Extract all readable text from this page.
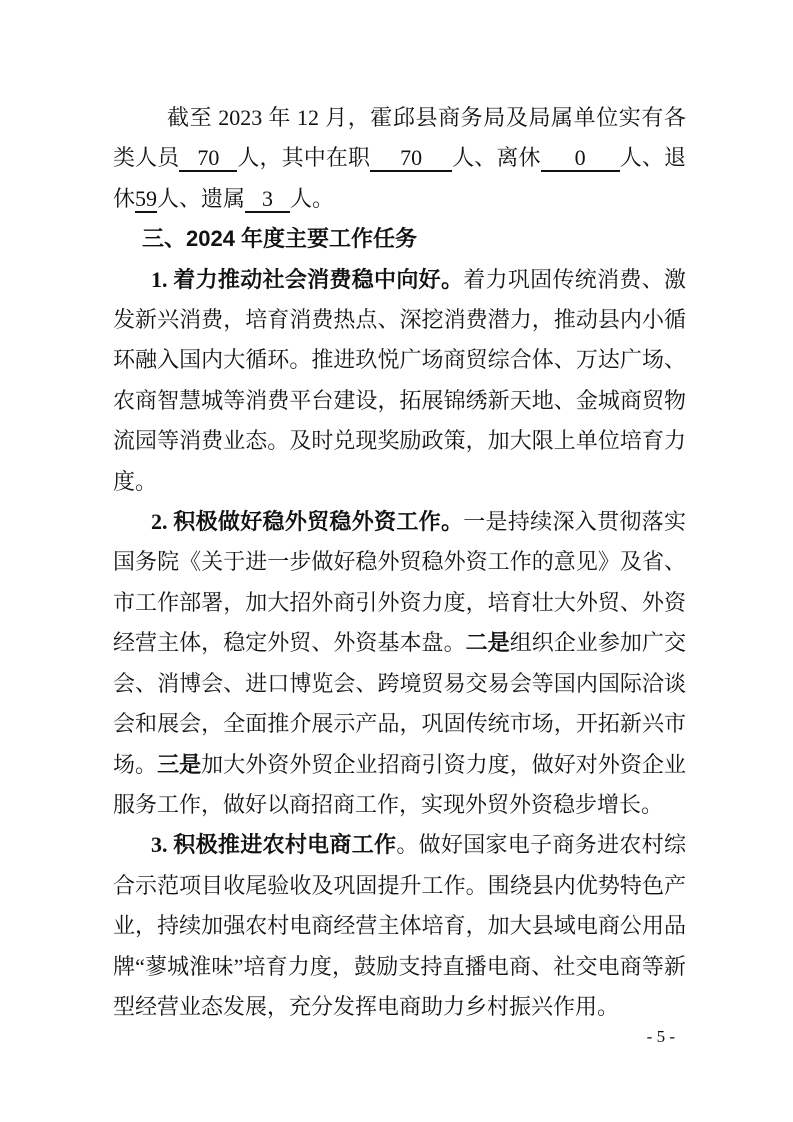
截至 2023 年 12 月，霍邱县商务局及局属单位实有各类人员 70 人，其中在职 70 人、离休 0 人、退休59人、遗属 3 人。

三、2024 年度主要工作任务

1. 着力推动社会消费稳中向好。着力巩固传统消费、激发新兴消费，培育消费热点、深挖消费潜力，推动县内小循环融入国内大循环。推进玖悦广场商贸综合体、万达广场、农商智慧城等消费平台建设，拓展锦绣新天地、金城商贸物流园等消费业态。及时兑现奖励政策，加大限上单位培育力度。

2. 积极做好稳外贸稳外资工作。一是持续深入贯彻落实国务院《关于进一步做好稳外贸稳外资工作的意见》及省、市工作部署，加大招外商引外资力度，培育壮大外贸、外资经营主体，稳定外贸、外资基本盘。二是组织企业参加广交会、消博会、进口博览会、跨境贸易交易会等国内国际洽谈会和展会，全面推介展示产品，巩固传统市场，开拓新兴市场。三是加大外资外贸企业招商引资力度，做好对外资企业服务工作，做好以商招商工作，实现外贸外资稳步增长。

3. 积极推进农村电商工作。做好国家电子商务进农村综合示范项目收尾验收及巩固提升工作。围绕县内优势特色产业，持续加强农村电商经营主体培育，加大县域电商公用品牌“蓼城淮味”培育力度，鼓励支持直播电商、社交电商等新型经营业态发展，充分发挥电商助力乡村振兴作用。

- 5 -
